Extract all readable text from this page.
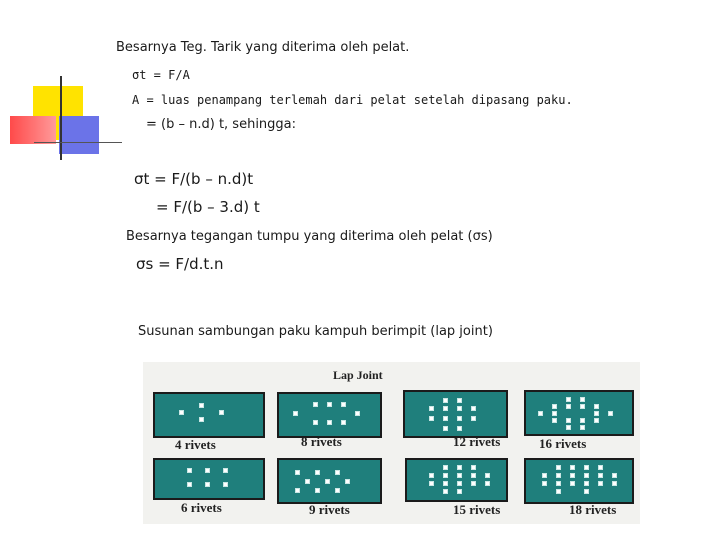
Besarnya Teg. Tarik yang diterima oleh pelat.
σt = F/A
A = luas penampang terlemah dari pelat setelah dipasang paku.
= (b – n.d) t, sehingga:
σt = F/(b – n.d)t
= F/(b – 3.d) t
Besarnya tegangan tumpu yang diterima oleh pelat (σs)
σs = F/d.t.n
Susunan sambungan paku kampuh berimpit (lap joint)
Lap Joint
4 rivets	8 rivets	12 rivets	16 rivets
6 rivets	9 rivets	15 rivets	18 rivets
